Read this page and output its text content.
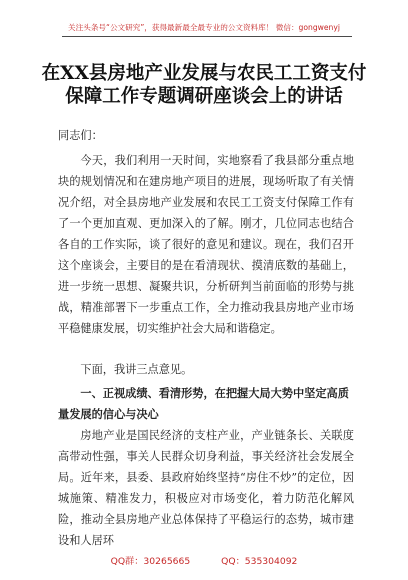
关注头条号“公文研究”，获得最新最全最专业的公文资料库！ 微信：gongwenyj
在XX县房地产业发展与农民工工资支付
保障工作专题调研座谈会上的讲话
同志们：
今天，我们利用一天时间，实地察看了我县部分重点地块的规划情况和在建房地产项目的进展，现场听取了有关情况介绍，对全县房地产业发展和农民工工资支付保障工作有了一个更加直观、更加深入的了解。刚才，几位同志也结合各自的工作实际，谈了很好的意见和建议。现在，我们召开这个座谈会，主要目的是在看清现状、摸清底数的基础上，进一步统一思想、凝聚共识，分析研判当前面临的形势与挑战，精准部署下一步重点工作，全力推动我县房地产业市场平稳健康发展，切实维护社会大局和谐稳定。
下面，我讲三点意见。
一、正视成绩、看清形势，在把握大局大势中坚定高质量发展的信心与决心
房地产业是国民经济的支柱产业，产业链条长、关联度高带动性强，事关人民群众切身利益，事关经济社会发展全局。近年来，县委、县政府始终坚持“房住不炒”的定位，因城施策、精准发力，积极应对市场变化，着力防范化解风险，推动全县房地产业总体保持了平稳运行的态势，城市建设和人居环
QQ群：30265665	QQ：535304092
